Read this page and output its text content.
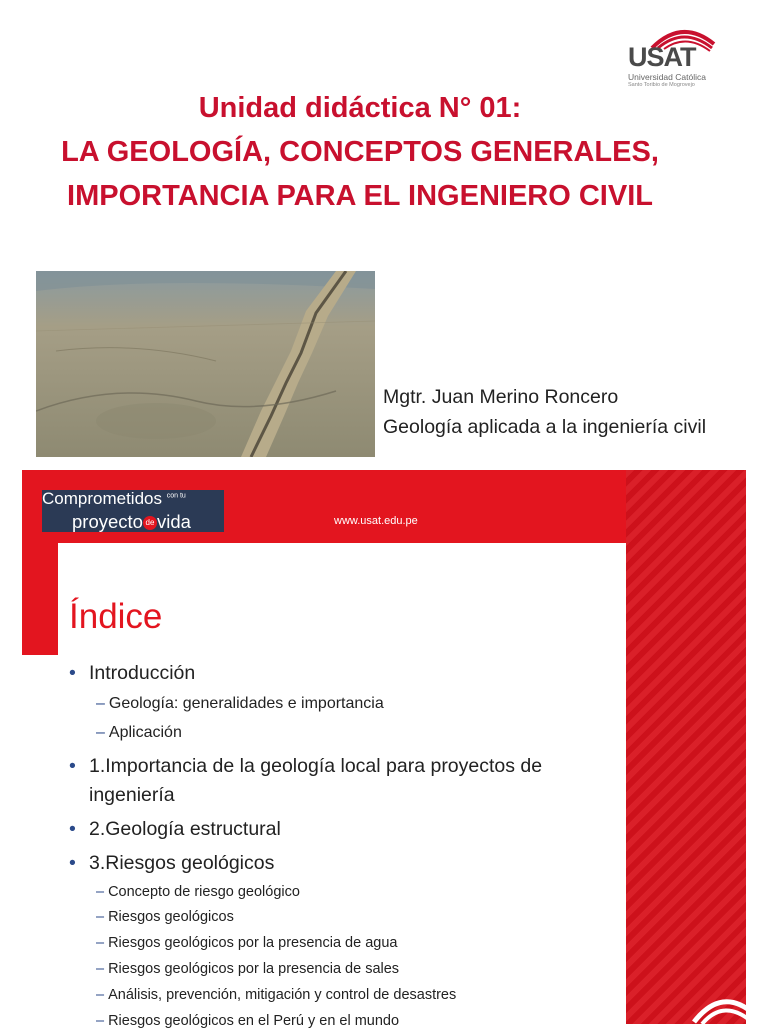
USAT
Universidad Católica
Santo Toribio de Mogrovejo
Unidad didáctica N° 01:
LA GEOLOGÍA, CONCEPTOS GENERALES,
IMPORTANCIA PARA EL INGENIERO CIVIL
Mgtr. Juan Merino Roncero
Geología aplicada a la ingeniería civil
Comprometidos $^{con tu}$
proyecto de vida	www.usat.edu.pe
Índice
• Introducción
– Geología: generalidades e importancia
– Aplicación
• 1.Importancia de la geología local para proyectos de
ingeniería
• 2.Geología estructural
• 3.Riesgos geológicos
– Concepto de riesgo geológico
– Riesgos geológicos
– Riesgos geológicos por la presencia de agua
– Riesgos geológicos por la presencia de sales
– Análisis, prevención, mitigación y control de desastres
– Riesgos geológicos en el Perú y en el mundo
